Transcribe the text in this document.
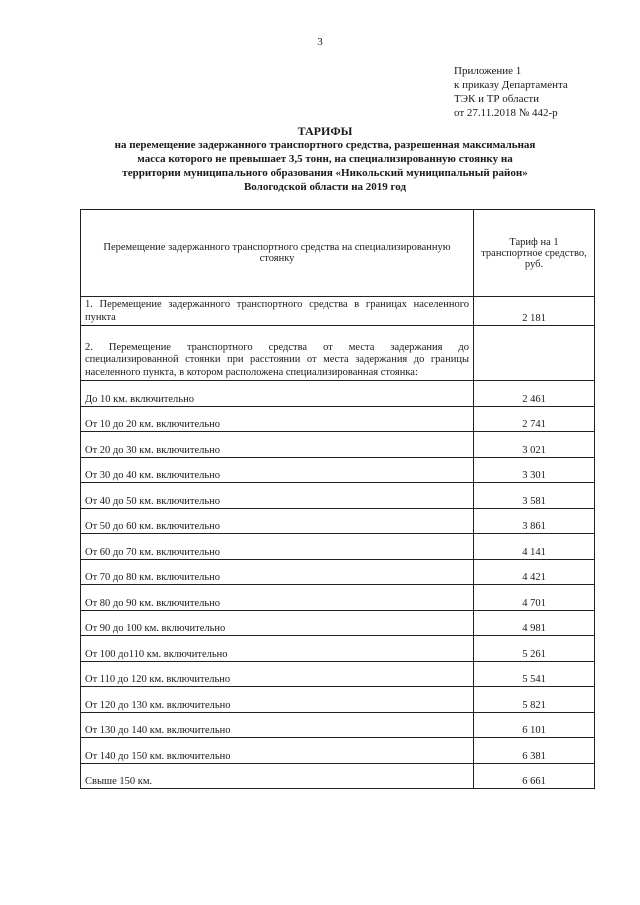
3
Приложение 1
к приказу Департамента
ТЭК и ТР области
от 27.11.2018 № 442-р
ТАРИФЫ
на перемещение задержанного транспортного средства, разрешенная максимальная
масса которого не превышает 3,5 тонн, на специализированную стоянку на
территории муниципального образования «Никольский муниципальный район»
Вологодской области на 2019 год
Перемещение задержанного транспортного средства на специализированную стоянку	Тариф на 1 транспортное средство, руб.
1. Перемещение задержанного транспортного средства в границах населенного пункта	2 181
2. Перемещение транспортного средства от места задержания до специализированной стоянки при расстоянии от места задержания до границы населенного пункта, в котором расположена специализированная стоянка:	
До 10 км. включительно	2 461
От 10 до 20 км. включительно	2 741
От 20 до 30 км. включительно	3 021
От 30 до 40 км. включительно	3 301
От 40 до 50 км. включительно	3 581
От 50 до 60 км. включительно	3 861
От 60 до 70 км. включительно	4 141
От 70 до 80 км. включительно	4 421
От 80 до 90 км. включительно	4 701
От 90 до 100 км. включительно	4 981
От 100 до110 км. включительно	5 261
От 110 до 120 км. включительно	5 541
От 120 до 130 км. включительно	5 821
От 130 до 140 км. включительно	6 101
От 140 до 150 км. включительно	6 381
Свыше 150 км.	6 661
